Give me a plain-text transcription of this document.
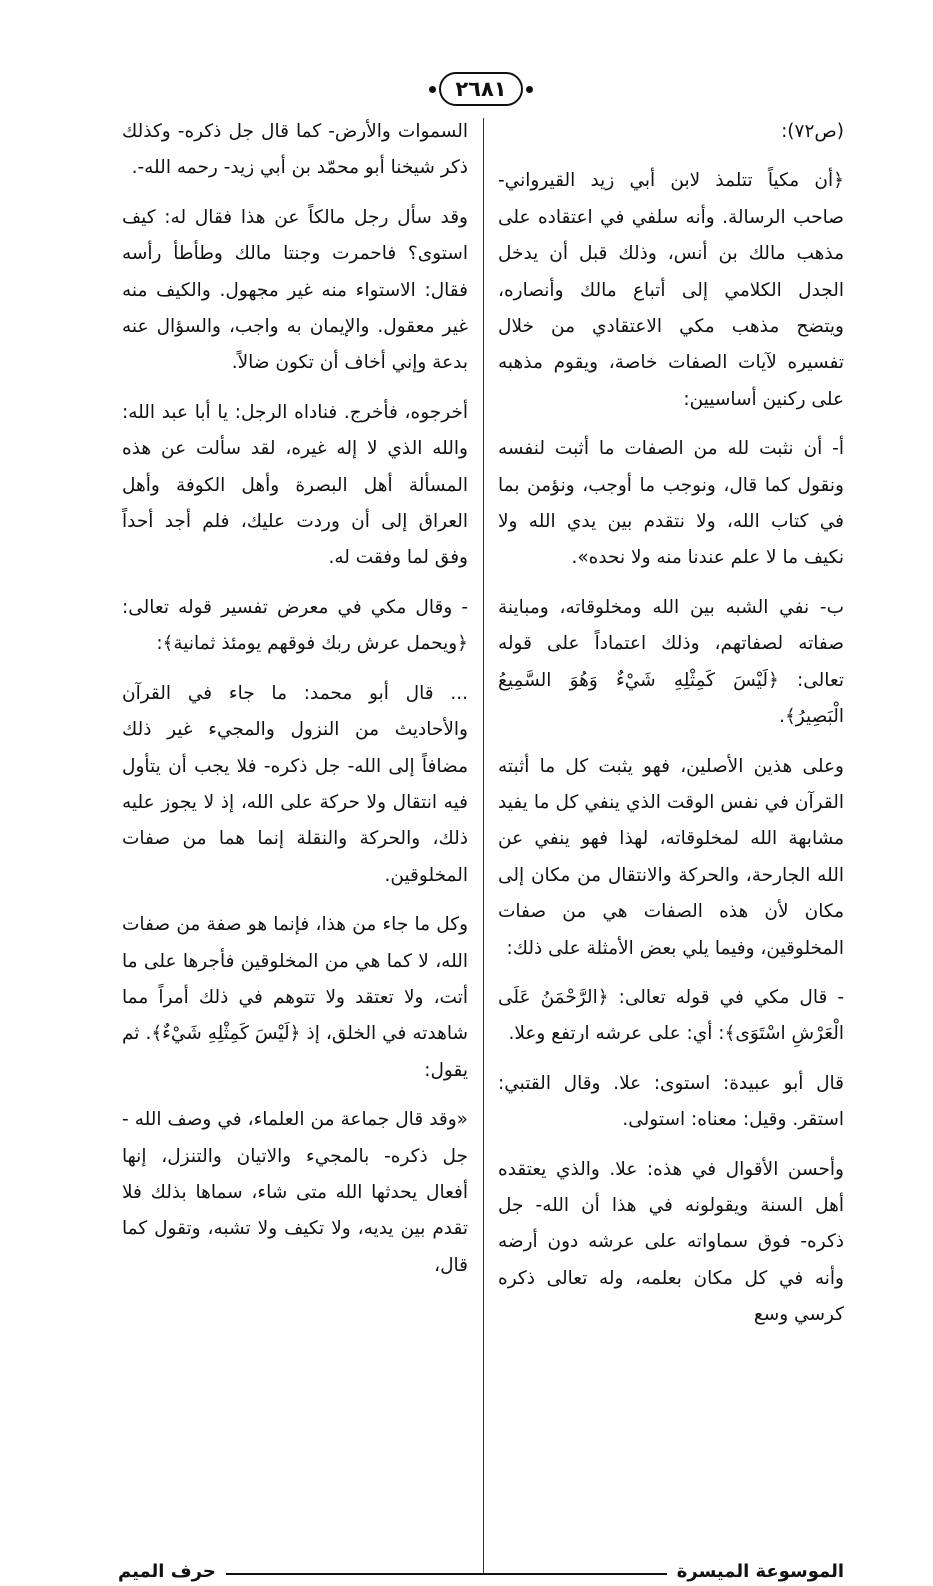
٢٦٨١

(ص٧٢):

﴿أن مكياً تتلمذ لابن أبي زيد القيرواني- صاحب الرسالة. وأنه سلفي في اعتقاده على مذهب مالك بن أنس، وذلك قبل أن يدخل الجدل الكلامي إلى أتباع مالك وأنصاره، ويتضح مذهب مكي الاعتقادي من خلال تفسيره لآيات الصفات خاصة، ويقوم مذهبه على ركنين أساسيين:

أ- أن نثبت لله من الصفات ما أثبت لنفسه ونقول كما قال، ونوجب ما أوجب، ونؤمن بما في كتاب الله، ولا نتقدم بين يدي الله ولا نكيف ما لا علم عندنا منه ولا نحده».

ب- نفي الشبه بين الله ومخلوقاته، ومباينة صفاته لصفاتهم، وذلك اعتماداً على قوله تعالى: ﴿لَيْسَ كَمِثْلِهِ شَيْءٌ وَهُوَ السَّمِيعُ الْبَصِيرُ﴾.

وعلى هذين الأصلين، فهو يثبت كل ما أثبته القرآن في نفس الوقت الذي ينفي كل ما يفيد مشابهة الله لمخلوقاته، لهذا فهو ينفي عن الله الجارحة، والحركة والانتقال من مكان إلى مكان لأن هذه الصفات هي من صفات المخلوقين، وفيما يلي بعض الأمثلة على ذلك:

- قال مكي في قوله تعالى: ﴿الرَّحْمَنُ عَلَى الْعَرْشِ اسْتَوَى﴾: أي: على عرشه ارتفع وعلا.

قال أبو عبيدة: استوى: علا. وقال القتبي: استقر. وقيل: معناه: استولى.

وأحسن الأقوال في هذه: علا. والذي يعتقده أهل السنة ويقولونه في هذا أن الله- جل ذكره- فوق سماواته على عرشه دون أرضه وأنه في كل مكان بعلمه، وله تعالى ذكره كرسي وسع

السموات والأرض- كما قال جل ذكره- وكذلك ذكر شيخنا أبو محمّد بن أبي زيد- رحمه الله-.

وقد سأل رجل مالكاً عن هذا فقال له: كيف استوى؟ فاحمرت وجنتا مالك وطأطأ رأسه فقال: الاستواء منه غير مجهول. والكيف منه غير معقول. والإيمان به واجب، والسؤال عنه بدعة وإني أخاف أن تكون ضالاً.

أخرجوه، فأخرج. فناداه الرجل: يا أبا عبد الله: والله الذي لا إله غيره، لقد سألت عن هذه المسألة أهل البصرة وأهل الكوفة وأهل العراق إلى أن وردت عليك، فلم أجد أحداً وفق لما وفقت له.

- وقال مكي في معرض تفسير قوله تعالى: ﴿ويحمل عرش ربك فوقهم يومئذ ثمانية﴾:

... قال أبو محمد: ما جاء في القرآن والأحاديث من النزول والمجيء غير ذلك مضافاً إلى الله- جل ذكره- فلا يجب أن يتأول فيه انتقال ولا حركة على الله، إذ لا يجوز عليه ذلك، والحركة والنقلة إنما هما من صفات المخلوقين.

وكل ما جاء من هذا، فإنما هو صفة من صفات الله، لا كما هي من المخلوقين فأجرها على ما أتت، ولا تعتقد ولا تتوهم في ذلك أمراً مما شاهدته في الخلق، إذ ﴿لَيْسَ كَمِثْلِهِ شَيْءٌ﴾. ثم يقول:

«وقد قال جماعة من العلماء، في وصف الله - جل ذكره- بالمجيء والاتيان والتنزل، إنها أفعال يحدثها الله متى شاء، سماها بذلك فلا تقدم بين يديه، ولا تكيف ولا تشبه، وتقول كما قال،

الموسوعة الميسرة
حرف الميم
